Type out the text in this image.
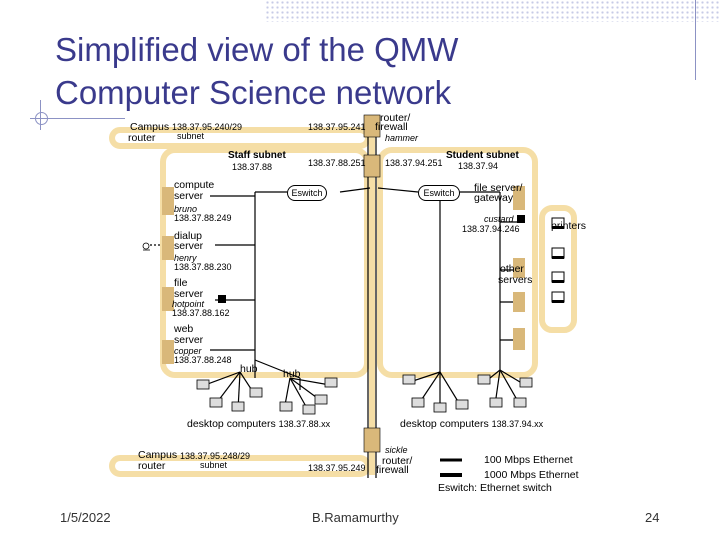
Simplified view of the QMW
Computer Science network
Eswitch	Eswitch
Campus
router
138.37.95.240/29
subnet
138.37.95.241
router/
firewall
hammer
Staff subnet
138.37.88	138.37.88.251 138.37.94.251
Student subnet
138.37.94
compute
server
bruno
138.37.88.249
dialup
server
henry
138.37.88.230
file
server
hotpoint
138.37.88.162
web
server
copper
138.37.88.248
hub hub
desktop computers 138.37.88.xx	desktop computers 138.37.94.xx
file server/
gateway
custard
138.37.94.246	printers
other
servers
Campus
router
138.37.95.248/29
subnet	138.37.95.249
sickle
router/
firewall
100 Mbps Ethernet
1000 Mbps Ethernet
Eswitch: Ethernet switch
1/5/2022	B.Ramamurthy	24
